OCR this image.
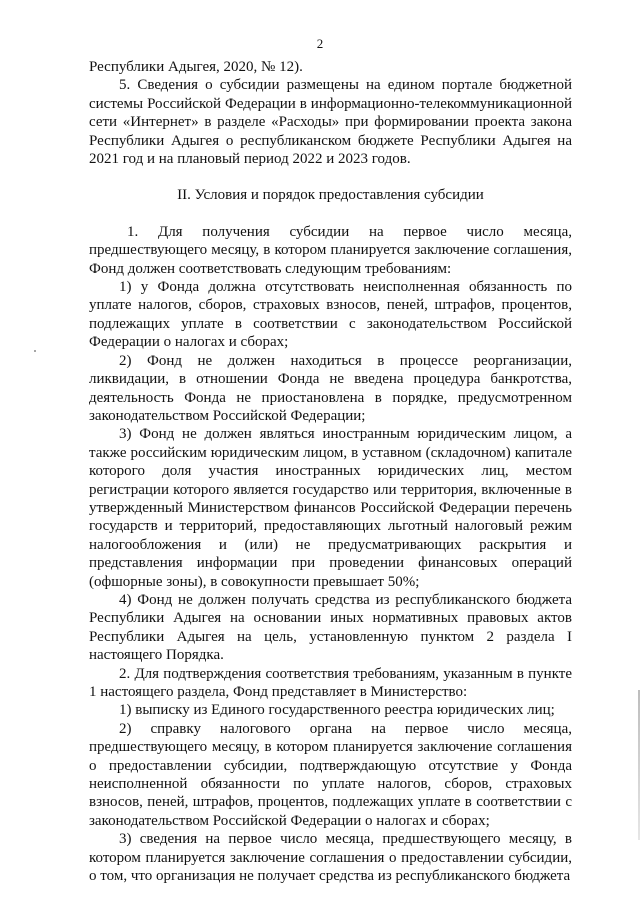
2

Республики Адыгея, 2020, № 12).

5. Сведения о субсидии размещены на едином портале бюджетной системы Российской Федерации в информационно-телекоммуникационной сети «Интернет» в разделе «Расходы» при формировании проекта закона Республики Адыгея о республиканском бюджете Республики Адыгея на 2021 год и на плановый период 2022 и 2023 годов.

II. Условия и порядок предоставления субсидии

1. Для получения субсидии на первое число месяца, предшествующего месяцу, в котором планируется заключение соглашения, Фонд должен соответствовать следующим требованиям:

1) у Фонда должна отсутствовать неисполненная обязанность по уплате налогов, сборов, страховых взносов, пеней, штрафов, процентов, подлежащих уплате в соответствии с законодательством Российской Федерации о налогах и сборах;

2) Фонд не должен находиться в процессе реорганизации, ликвидации, в отношении Фонда не введена процедура банкротства, деятельность Фонда не приостановлена в порядке, предусмотренном законодательством Российской Федерации;

3) Фонд не должен являться иностранным юридическим лицом, а также российским юридическим лицом, в уставном (складочном) капитале которого доля участия иностранных юридических лиц, местом регистрации которого является государство или территория, включенные в утвержденный Министерством финансов Российской Федерации перечень государств и территорий, предоставляющих льготный налоговый режим налогообложения и (или) не предусматривающих раскрытия и представления информации при проведении финансовых операций (офшорные зоны), в совокупности превышает 50%;

4) Фонд не должен получать средства из республиканского бюджета Республики Адыгея на основании иных нормативных правовых актов Республики Адыгея на цель, установленную пунктом 2 раздела I настоящего Порядка.

2. Для подтверждения соответствия требованиям, указанным в пункте 1 настоящего раздела, Фонд представляет в Министерство:

1) выписку из Единого государственного реестра юридических лиц;

2) справку налогового органа на первое число месяца, предшествующего месяцу, в котором планируется заключение соглашения о предоставлении субсидии, подтверждающую отсутствие у Фонда неисполненной обязанности по уплате налогов, сборов, страховых взносов, пеней, штрафов, процентов, подлежащих уплате в соответствии с законодательством Российской Федерации о налогах и сборах;

3) сведения на первое число месяца, предшествующего месяцу, в котором планируется заключение соглашения о предоставлении субсидии, о том, что организация не получает средства из республиканского бюджета
